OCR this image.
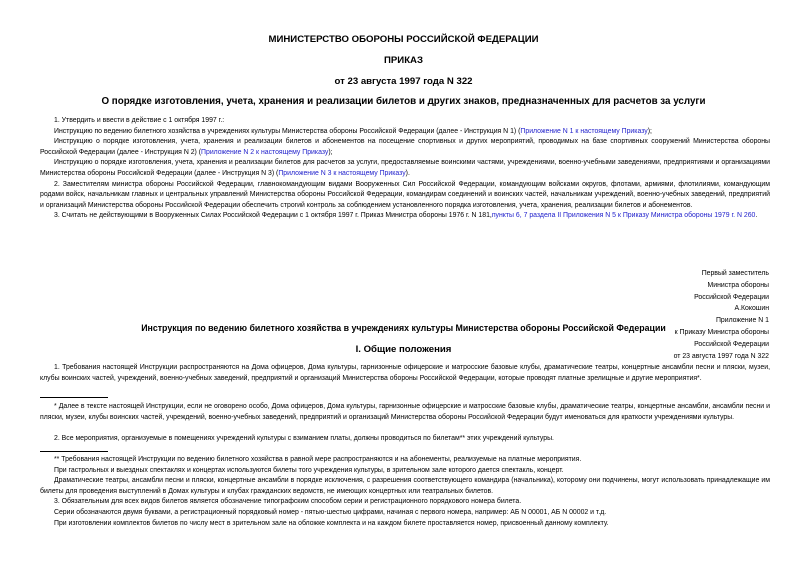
МИНИСТЕРСТВО ОБОРОНЫ РОССИЙСКОЙ ФЕДЕРАЦИИ
ПРИКАЗ
от 23 августа 1997 года N 322
О порядке изготовления, учета, хранения и реализации билетов и других знаков, предназначенных для расчетов за услуги

1. Утвердить и ввести в действие с 1 октября 1997 г.:

Инструкцию по ведению билетного хозяйства в учреждениях культуры Министерства обороны Российской Федерации (далее - Инструкция N 1) (Приложение N 1 к настоящему Приказу);

Инструкцию о порядке изготовления, учета, хранения и реализации билетов и абонементов на посещение спортивных и других мероприятий, проводимых на базе спортивных сооружений Министерства обороны Российской Федерации (далее - Инструкция N 2) (Приложение N 2 к настоящему Приказу);

Инструкцию о порядке изготовления, учета, хранения и реализации билетов для расчетов за услуги, предоставляемые воинскими частями, учреждениями, военно-учебными заведениями, предприятиями и организациями Министерства обороны Российской Федерации (далее - Инструкция N 3) (Приложение N 3 к настоящему Приказу).

2. Заместителям министра обороны Российской Федерации, главнокомандующим видами Вооруженных Сил Российской Федерации, командующим войсками округов, флотами, армиями, флотилиями, командующим родами войск, начальникам главных и центральных управлений Министерства обороны Российской Федерации, командирам соединений и воинских частей, начальникам учреждений, военно-учебных заведений, предприятий и организаций Министерства обороны Российской Федерации обеспечить строгий контроль за соблюдением установленного порядка изготовления, учета, хранения, реализации билетов и абонементов.

3. Считать не действующими в Вооруженных Силах Российской Федерации с 1 октября 1997 г. Приказ Министра обороны 1976 г. N 181,пункты 6, 7 раздела II Приложения N 5 к Приказу Министра обороны 1979 г. N 260.

Первый заместитель
Министра обороны
Российской Федерации
А.Кокошин
Приложение N 1
к Приказу Министра обороны
Российской Федерации
от 23 августа 1997 года N 322
Инструкция по ведению билетного хозяйства в учреждениях культуры Министерства обороны Российской Федерации
I. Общие положения

1. Требования настоящей Инструкции распространяются на Дома офицеров, Дома культуры, гарнизонные офицерские и матросские базовые клубы, драматические театры, концертные ансамбли песни и пляски, музеи, клубы воинских частей, учреждений, военно-учебных заведений, предприятий и организаций Министерства обороны Российской Федерации, которые проводят платные зрелищные и другие мероприятия*.

* Далее в тексте настоящей Инструкции, если не оговорено особо, Дома офицеров, Дома культуры, гарнизонные офицерские и матросские базовые клубы, драматические театры, концертные ансамбли, ансамбли песни и пляски, музеи, клубы воинских частей, учреждений, военно-учебных заведений, предприятий и организаций Министерства обороны Российской Федерации будут именоваться для краткости учреждениями культуры.

2. Все мероприятия, организуемые в помещениях учреждений культуры с взиманием платы, должны проводиться по билетам** этих учреждений культуры.

** Требования настоящей Инструкции по ведению билетного хозяйства в равной мере распространяются и на абонементы, реализуемые на платные мероприятия.

При гастрольных и выездных спектаклях и концертах используются билеты того учреждения культуры, в зрительном зале которого дается спектакль, концерт.

Драматические театры, ансамбли песни и пляски, концертные ансамбли в порядке исключения, с разрешения соответствующего командира (начальника), которому они подчинены, могут использовать принадлежащие им билеты для проведения выступлений в Домах культуры и клубах гражданских ведомств, не имеющих концертных или театральных билетов.

3. Обязательным для всех видов билетов является обозначение типографским способом серии и регистрационного порядкового номера билета.

Серии обозначаются двумя буквами, а регистрационный порядковый номер - пятью-шестью цифрами, начиная с первого номера, например: АБ N 00001, АБ N 00002 и т.д.

При изготовлении комплектов билетов по числу мест в зрительном зале на обложке комплекта и на каждом билете проставляется номер, присвоенный данному комплекту.
